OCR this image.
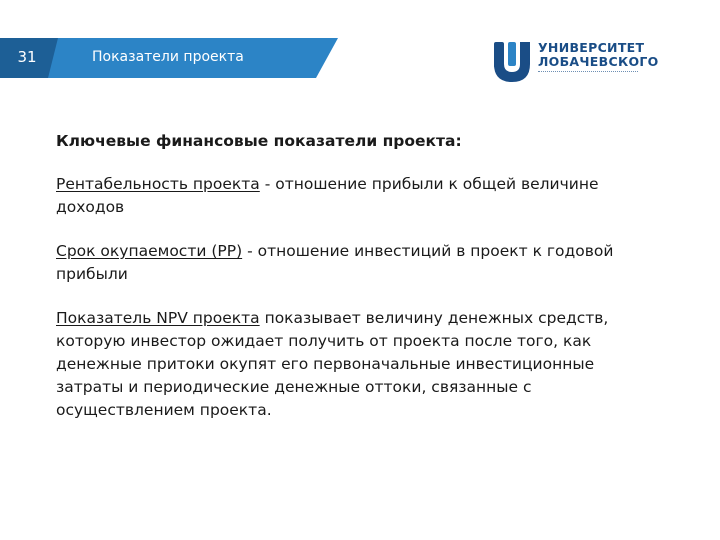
31	Показатели проекта
УНИВЕРСИТЕТ
ЛОБАЧЕВСКОГО

Ключевые финансовые показатели проекта:

Рентабельность проекта - отношение прибыли к общей величине доходов

Срок окупаемости (PP) - отношение инвестиций в проект к годовой прибыли

Показатель NPV проекта показывает величину денежных средств, которую инвестор ожидает получить от проекта после того, как денежные притоки окупят его первоначальные инвестиционные затраты и периодические денежные оттоки, связанные с осуществлением проекта.
